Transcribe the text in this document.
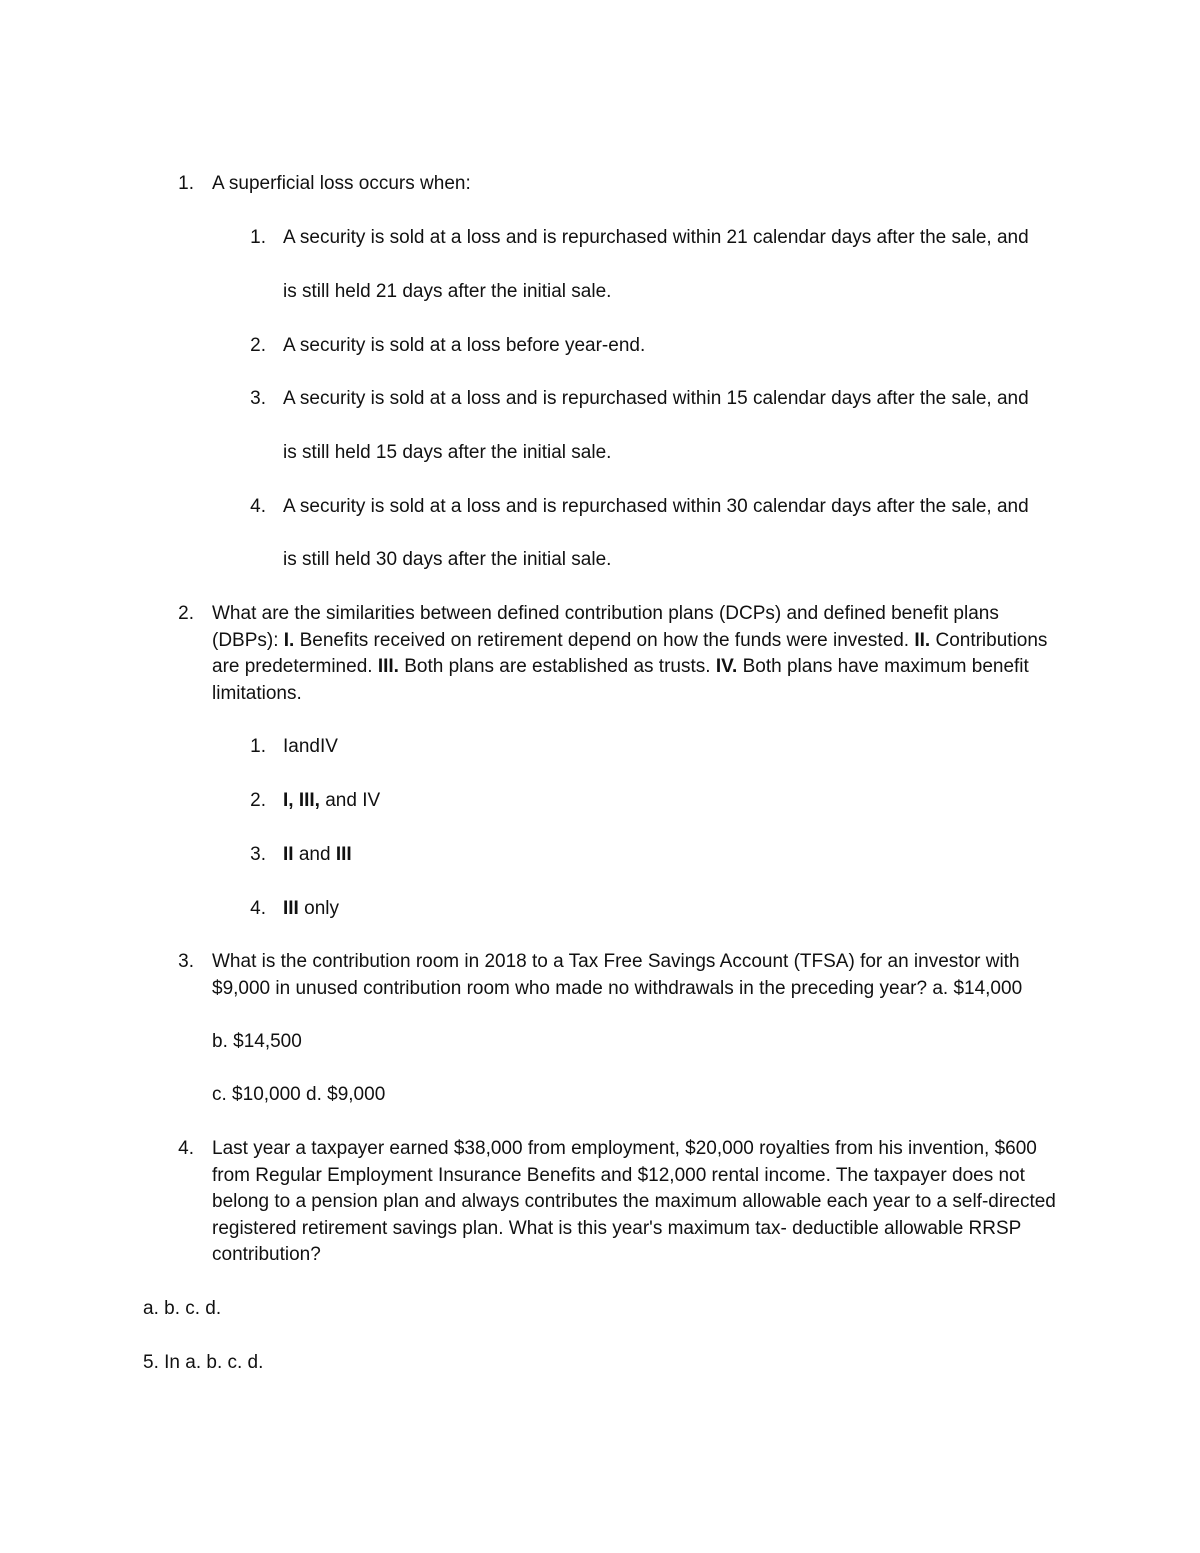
1. A superficial loss occurs when:
1. A security is sold at a loss and is repurchased within 21 calendar days after the sale, and
is still held 21 days after the initial sale.
2. A security is sold at a loss before year-end.
3. A security is sold at a loss and is repurchased within 15 calendar days after the sale, and
is still held 15 days after the initial sale.
4. A security is sold at a loss and is repurchased within 30 calendar days after the sale, and
is still held 30 days after the initial sale.
2. What are the similarities between defined contribution plans (DCPs) and defined benefit plans (DBPs): I. Benefits received on retirement depend on how the funds were invested. II. Contributions are predetermined. III. Both plans are established as trusts. IV. Both plans have maximum benefit limitations.
1. IandIV
2. I, III, and IV
3. II and III
4. III only
3. What is the contribution room in 2018 to a Tax Free Savings Account (TFSA) for an investor with $9,000 in unused contribution room who made no withdrawals in the preceding year? a. $14,000
b. $14,500
c. $10,000 d. $9,000
4. Last year a taxpayer earned $38,000 from employment, $20,000 royalties from his invention, $600 from Regular Employment Insurance Benefits and $12,000 rental income. The taxpayer does not belong to a pension plan and always contributes the maximum allowable each year to a self-directed registered retirement savings plan. What is this year's maximum tax- deductible allowable RRSP contribution?
a. b. c. d.
5. In a. b. c. d.
